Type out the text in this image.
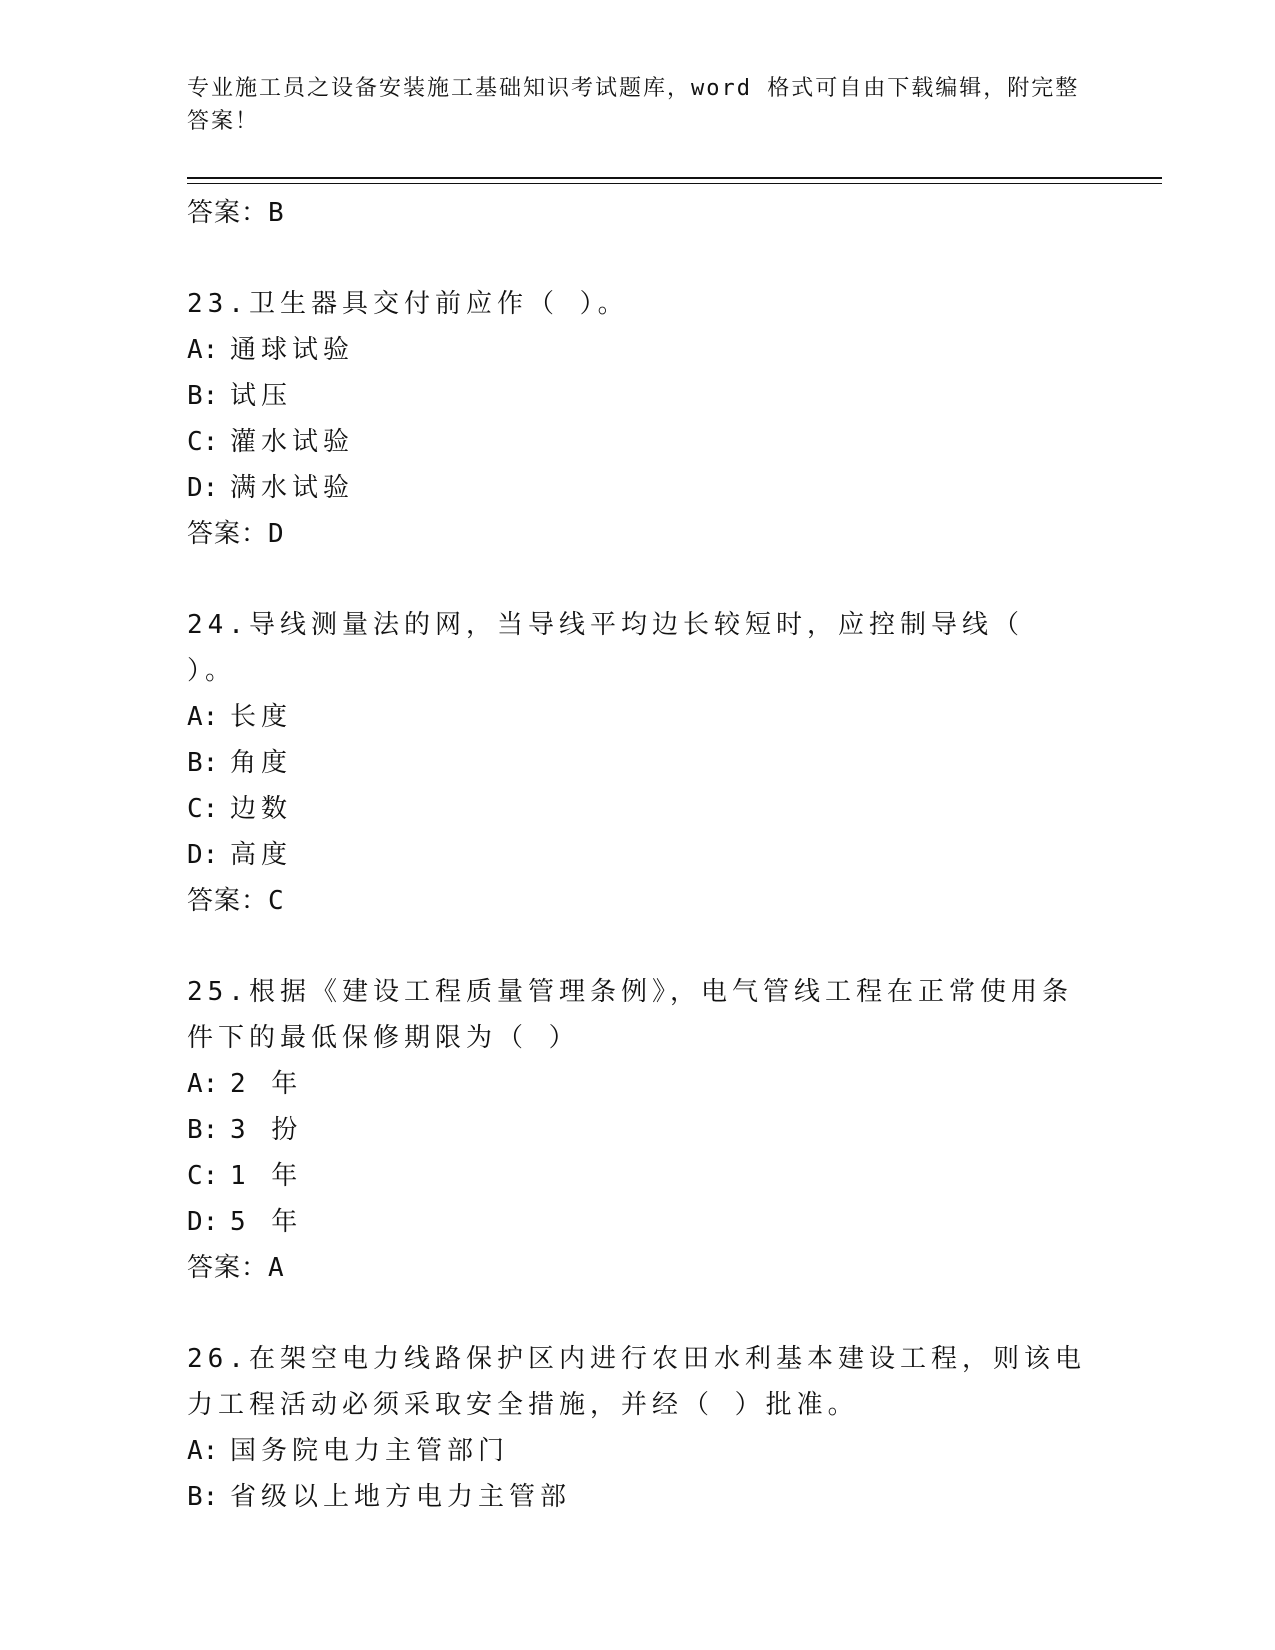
专业施工员之设备安装施工基础知识考试题库，word 格式可自由下载编辑，附完整答案！
答案：B
23.卫生器具交付前应作（ ）。
A: 通球试验
B: 试压
C: 灌水试验
D: 满水试验
答案：D
24.导线测量法的网，当导线平均边长较短时，应控制导线（ ）。
A: 长度
B: 角度
C: 边数
D: 高度
答案：C
25.根据《建设工程质量管理条例》，电气管线工程在正常使用条件下的最低保修期限为（ ）
A: 2 年
B: 3 扮
C: 1 年
D: 5 年
答案：A
26.在架空电力线路保护区内进行农田水利基本建设工程，则该电力工程活动必须采取安全措施，并经（ ）批准。
A: 国务院电力主管部门
B: 省级以上地方电力主管部
